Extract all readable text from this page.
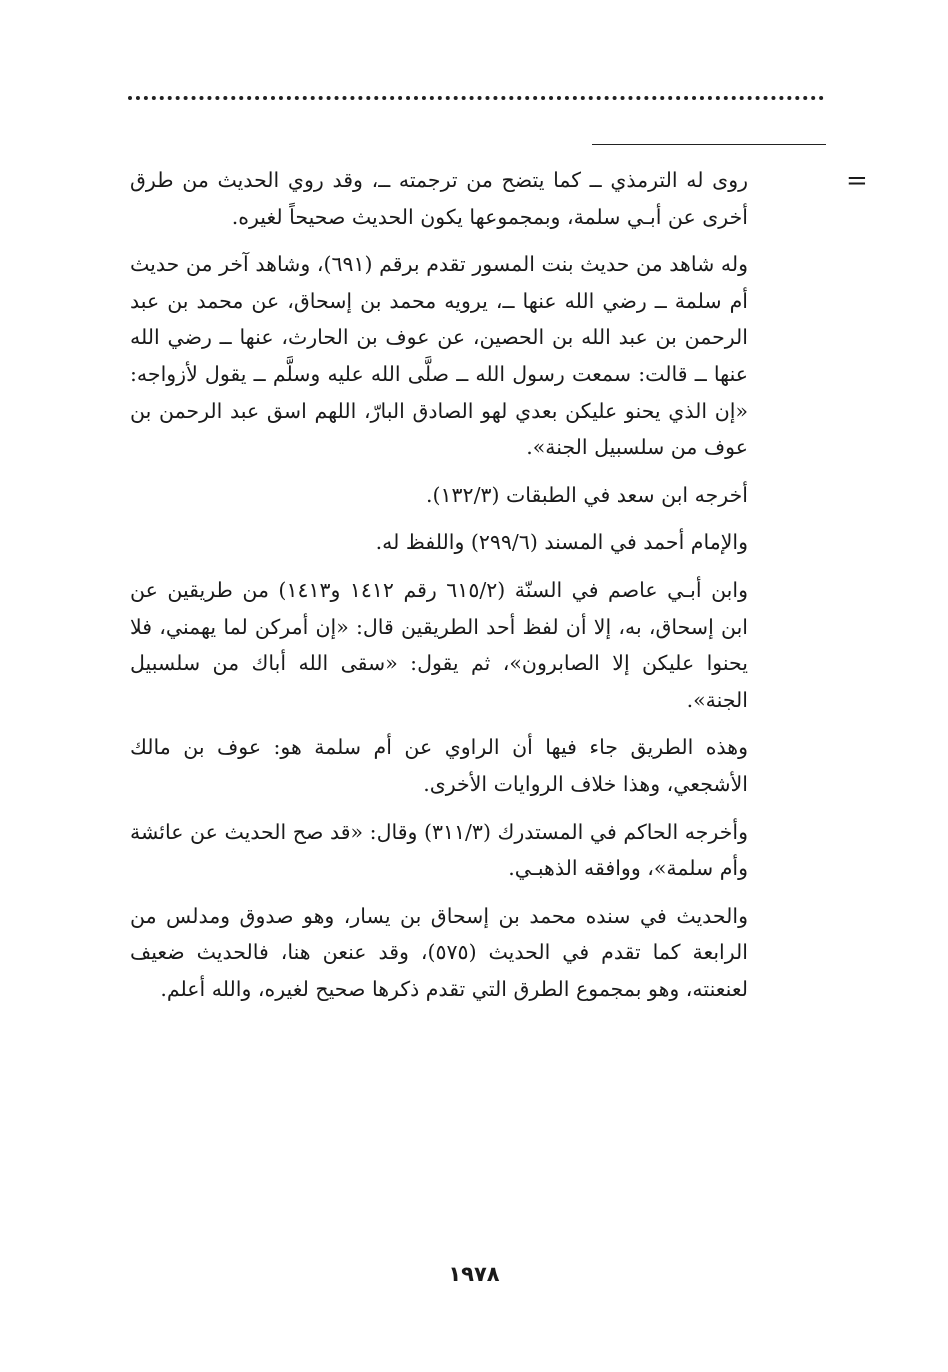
=

روى له الترمذي ــ كما يتضح من ترجمته ــ، وقد روي الحديث من طرق أخرى عن أبـي سلمة، وبمجموعها يكون الحديث صحيحاً لغيره.

وله شاهد من حديث بنت المسور تقدم برقم (٦٩١)، وشاهد آخر من حديث أم سلمة ــ رضي الله عنها ــ، يرويه محمد بن إسحاق، عن محمد بن عبد الرحمن بن عبد الله بن الحصين، عن عوف بن الحارث، عنها ــ رضي الله عنها ــ قالت: سمعت رسول الله ــ صلَّى الله عليه وسلَّم ــ يقول لأزواجه: «إن الذي يحنو عليكن بعدي لهو الصادق البارّ، اللهم اسق عبد الرحمن بن عوف من سلسبيل الجنة».

أخرجه ابن سعد في الطبقات (١٣٢/٣).

والإمام أحمد في المسند (٢٩٩/٦) واللفظ له.

وابن أبـي عاصم في السنّة (٦١٥/٢ رقم ١٤١٢ و١٤١٣) من طريقين عن ابن إسحاق، به، إلا أن لفظ أحد الطريقين قال: «إن أمركن لما يهمني، فلا يحنوا عليكن إلا الصابرون»، ثم يقول: «سقى الله أباك من سلسبيل الجنة».

وهذه الطريق جاء فيها أن الراوي عن أم سلمة هو: عوف بن مالك الأشجعي، وهذا خلاف الروايات الأخرى.

وأخرجه الحاكم في المستدرك (٣١١/٣) وقال: «قد صح الحديث عن عائشة وأم سلمة»، ووافقه الذهبـي.

والحديث في سنده محمد بن إسحاق بن يسار، وهو صدوق ومدلس من الرابعة كما تقدم في الحديث (٥٧٥)، وقد عنعن هنا، فالحديث ضعيف لعنعنته، وهو بمجموع الطرق التي تقدم ذكرها صحيح لغيره، والله أعلم.

١٩٧٨
